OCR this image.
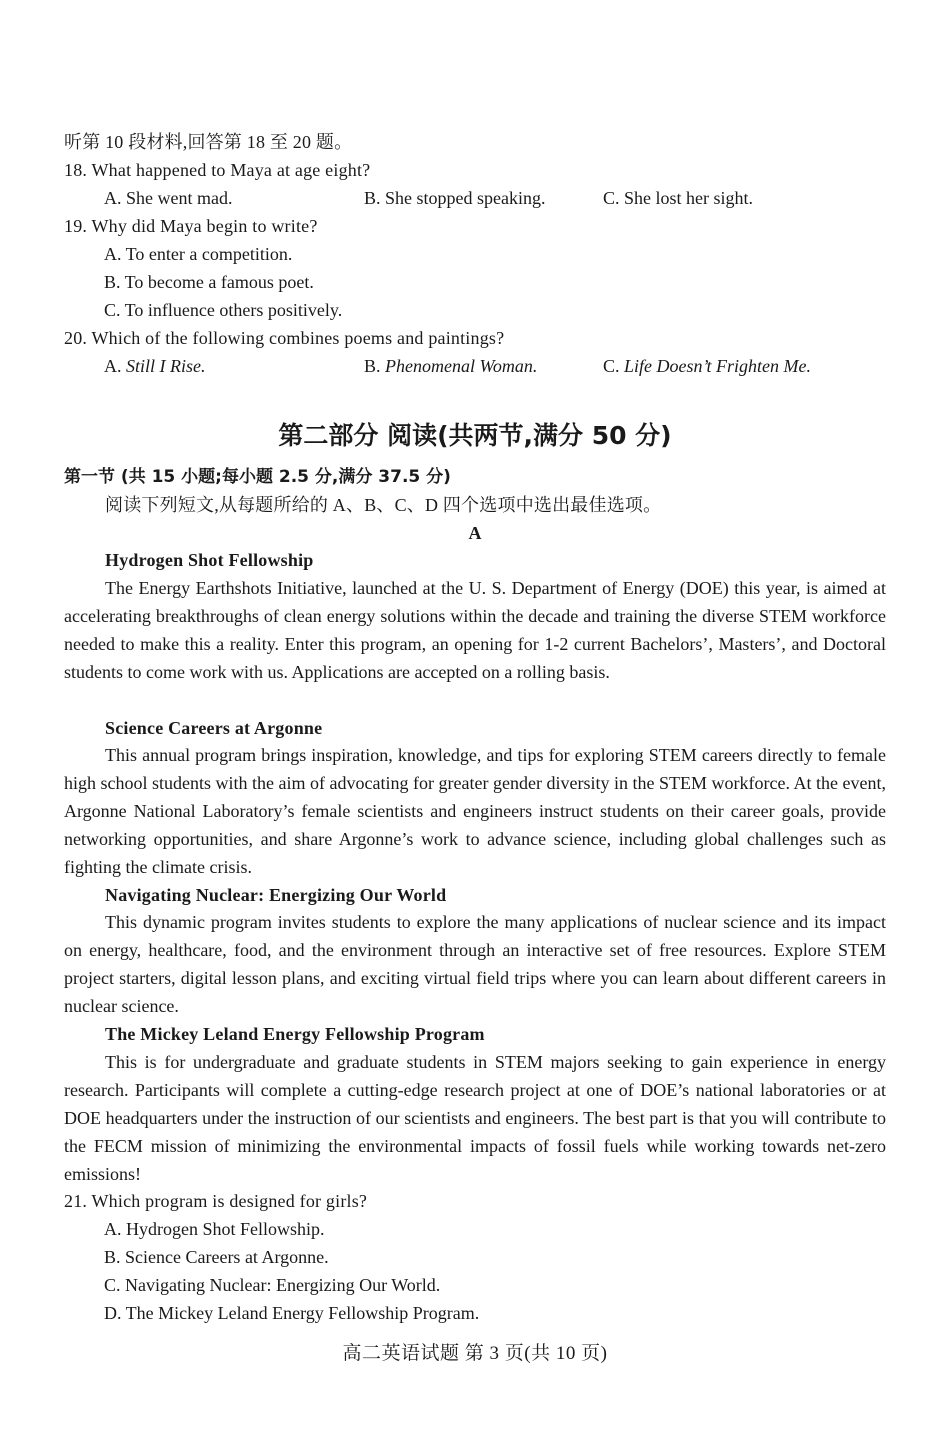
听第 10 段材料,回答第 18 至 20 题。
18. What happened to Maya at age eight?
A. She went mad.	B. She stopped speaking.	C. She lost her sight.
19. Why did Maya begin to write?
A. To enter a competition.
B. To become a famous poet.
C. To influence others positively.
20. Which of the following combines poems and paintings?
A. Still I Rise.	B. Phenomenal Woman.	C. Life Doesn’t Frighten Me.
第二部分 阅读(共两节,满分 50 分)
第一节 (共 15 小题;每小题 2.5 分,满分 37.5 分)
阅读下列短文,从每题所给的 A、B、C、D 四个选项中选出最佳选项。
A
Hydrogen Shot Fellowship
The Energy Earthshots Initiative, launched at the U. S. Department of Energy (DOE) this year, is aimed at accelerating breakthroughs of clean energy solutions within the decade and training the diverse STEM workforce needed to make this a reality. Enter this program, an opening for 1-2 current Bachelors’, Masters’, and Doctoral students to come work with us. Applications are accepted on a rolling basis.
Science Careers at Argonne
This annual program brings inspiration, knowledge, and tips for exploring STEM careers directly to female high school students with the aim of advocating for greater gender diversity in the STEM workforce. At the event, Argonne National Laboratory’s female scientists and engineers instruct students on their career goals, provide networking opportunities, and share Argonne’s work to advance science, including global challenges such as fighting the climate crisis.
Navigating Nuclear: Energizing Our World
This dynamic program invites students to explore the many applications of nuclear science and its impact on energy, healthcare, food, and the environment through an interactive set of free resources. Explore STEM project starters, digital lesson plans, and exciting virtual field trips where you can learn about different careers in nuclear science.
The Mickey Leland Energy Fellowship Program
This is for undergraduate and graduate students in STEM majors seeking to gain experience in energy research. Participants will complete a cutting-edge research project at one of DOE’s national laboratories or at DOE headquarters under the instruction of our scientists and engineers. The best part is that you will contribute to the FECM mission of minimizing the environmental impacts of fossil fuels while working towards net-zero emissions!
21. Which program is designed for girls?
A. Hydrogen Shot Fellowship.
B. Science Careers at Argonne.
C. Navigating Nuclear: Energizing Our World.
D. The Mickey Leland Energy Fellowship Program.
高二英语试题 第 3 页(共 10 页)
